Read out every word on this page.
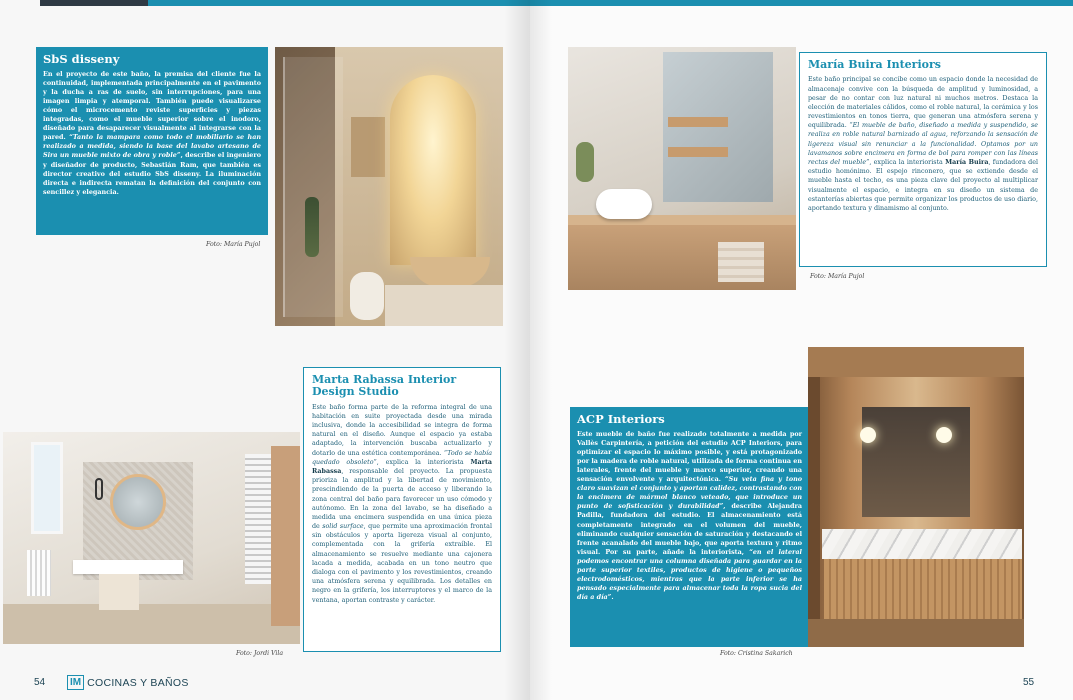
SbS disseny

En el proyecto de este baño, la premisa del cliente fue la continuidad, implementada principalmente en el pavimento y la ducha a ras de suelo, sin interrupciones, para una imagen limpia y atemporal. También puede visualizarse cómo el microcemento reviste superficies y piezas integradas, como el mueble superior sobre el inodoro, diseñado para desaparecer visualmente al integrarse con la pared. “Tanto la mampara como todo el mobiliario se han realizado a medida, siendo la base del lavabo artesano de Sira un mueble mixto de obra y roble”, describe el ingeniero y diseñador de producto, Sebastián Ram, que también es director creativo del estudio SbS disseny. La iluminación directa e indirecta rematan la definición del conjunto con sencillez y elegancia.

Foto: María Pujol
Marta Rabassa Interior Design Studio

Este baño forma parte de la reforma integral de una habitación en suite proyectada desde una mirada inclusiva, donde la accesibilidad se integra de forma natural en el diseño. Aunque el espacio ya estaba adaptado, la intervención buscaba actualizarlo y dotarlo de una estética contemporánea. “Todo se había quedado obsoleto”, explica la interiorista Marta Rabassa, responsable del proyecto. La propuesta prioriza la amplitud y la libertad de movimiento, prescindiendo de la puerta de acceso y liberando la zona central del baño para favorecer un uso cómodo y autónomo. En la zona del lavabo, se ha diseñado a medida una encimera suspendida en una única pieza de solid surface, que permite una aproximación frontal sin obstáculos y aporta ligereza visual al conjunto, complementada con la grifería extraíble. El almacenamiento se resuelve mediante una cajonera lacada a medida, acabada en un tono neutro que dialoga con el pavimento y los revestimientos, creando una atmósfera serena y equilibrada. Los detalles en negro en la grifería, los interruptores y el marco de la ventana, aportan contraste y carácter.

Foto: Jordi Vila
54	IM COCINAS Y BAÑOS
Foto: María Pujol
María Buira Interiors

Este baño principal se concibe como un espacio donde la necesidad de almacenaje convive con la búsqueda de amplitud y luminosidad, a pesar de no contar con luz natural ni muchos metros. Destaca la elección de materiales cálidos, como el roble natural, la cerámica y los revestimientos en tonos tierra, que generan una atmósfera serena y equilibrada. “El mueble de baño, diseñado a medida y suspendido, se realiza en roble natural barnizado al agua, reforzando la sensación de ligereza visual sin renunciar a la funcionalidad. Optamos por un lavamanos sobre encimera en forma de bol para romper con las líneas rectas del mueble”, explica la interiorista María Buira, fundadora del estudio homónimo. El espejo rinconero, que se extiende desde el mueble hasta el techo, es una pieza clave del proyecto al multiplicar visualmente el espacio, e integra en su diseño un sistema de estanterías abiertas que permite organizar los productos de uso diario, aportando textura y dinamismo al conjunto.

ACP Interiors

Este mueble de baño fue realizado totalmente a medida por Vallès Carpintería, a petición del estudio ACP Interiors, para optimizar el espacio lo máximo posible, y está protagonizado por la madera de roble natural, utilizada de forma continua en laterales, frente del mueble y marco superior, creando una sensación envolvente y arquitectónica. “Su veta fina y tono claro suavizan el conjunto y aportan calidez, contrastando con la encimera de mármol blanco veteado, que introduce un punto de sofisticación y durabilidad”, describe Alejandra Padilla, fundadora del estudio. El almacenamiento está completamente integrado en el volumen del mueble, eliminando cualquier sensación de saturación y destacando el frente acanalado del mueble bajo, que aporta textura y ritmo visual. Por su parte, añade la interiorista, “en el lateral podemos encontrar una columna diseñada para guardar en la parte superior textiles, productos de higiene o pequeños electrodomésticos, mientras que la parte inferior se ha pensado especialmente para almacenar toda la ropa sucia del día a día”.

Foto: Cristina Sakarich
55
